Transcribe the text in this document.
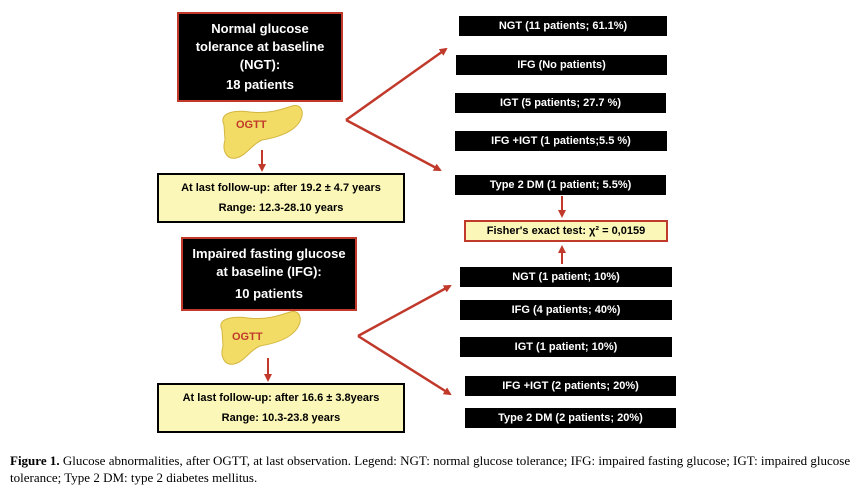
Normal glucose
tolerance at baseline
(NGT):
18 patients
OGTT
At last follow-up: after 19.2 ± 4.7 years
Range: 12.3-28.10 years
Impaired fasting glucose
at baseline (IFG):
10 patients
OGTT
At last follow-up: after 16.6 ± 3.8years
Range: 10.3-23.8 years
NGT (11 patients; 61.1%)
IFG (No patients)
IGT (5 patients; 27.7 %)
IFG +IGT (1 patients;5.5 %)
Type 2 DM (1 patient; 5.5%)
Fisher's exact test: χ² = 0,0159
NGT (1 patient; 10%)
IFG (4 patients; 40%)
IGT (1 patient; 10%)
IFG +IGT (2 patients; 20%)
Type 2 DM (2 patients; 20%)
Figure 1. Glucose abnormalities, after OGTT, at last observation. Legend: NGT: normal glucose tolerance; IFG: impaired fasting glucose; IGT: impaired glucose tolerance; Type 2 DM: type 2 diabetes mellitus.
